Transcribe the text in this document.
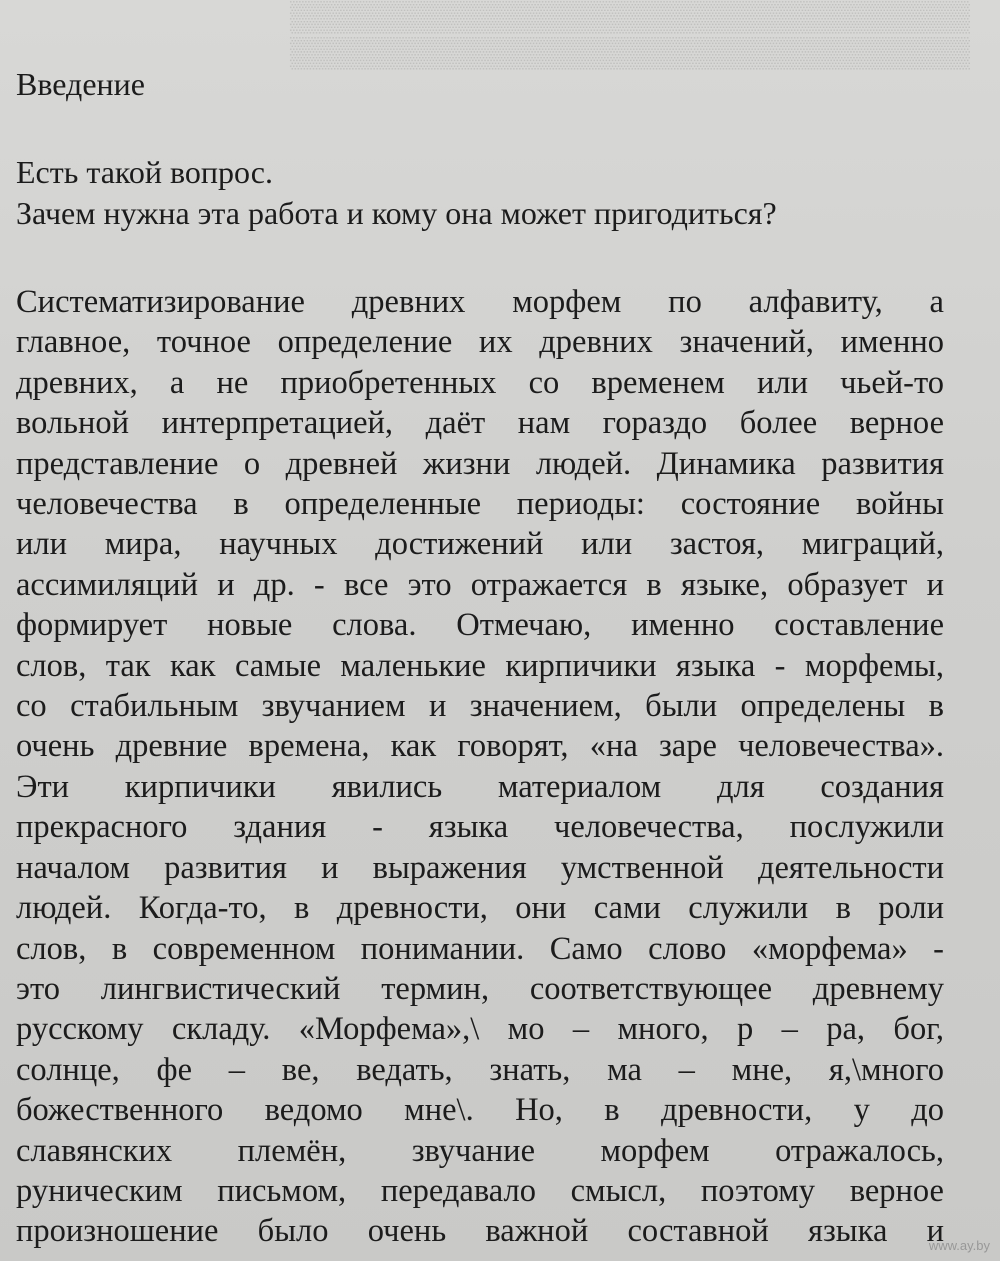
▒▒▒▒▒▒▒▒▒▒▒▒▒▒▒▒▒▒▒▒▒▒▒▒▒▒▒▒▒▒▒▒
▒▒▒▒▒▒▒▒▒▒▒▒▒▒▒▒▒▒▒▒▒▒▒▒▒▒▒▒▒▒▒▒
Введение
Есть такой вопрос.
Зачем нужна эта работа и кому она может пригодиться?
Систематизирование древних морфем по алфавиту, а
главное, точное определение их древних значений, именно
древних, а не приобретенных со временем или чьей-то
вольной интерпретацией, даёт нам гораздо более верное
представление о древней жизни людей. Динамика развития
человечества в определенные периоды: состояние войны
или мира, научных достижений или застоя, миграций,
ассимиляций и др. - все это отражается в языке, образует и
формирует новые слова. Отмечаю, именно составление
слов, так как самые маленькие кирпичики языка - морфемы,
со стабильным звучанием и значением, были определены в
очень древние времена, как говорят, «на заре человечества».
Эти кирпичики явились материалом для создания
прекрасного здания - языка человечества, послужили
началом развития и выражения умственной деятельности
людей. Когда-то, в древности, они сами служили в роли
слов, в современном понимании. Само слово «морфема» -
это лингвистический термин, соответствующее древнему
русскому складу. «Морфема»,\ мо – много, р – ра, бог,
солнце, фе – ве, ведать, знать, ма – мне, я,\много
божественного ведомо мне\. Но, в древности, у до
славянских племён, звучание морфем отражалось,
руническим письмом, передавало смысл, поэтому верное
произношение было очень важной составной языка и
www.ay.by
